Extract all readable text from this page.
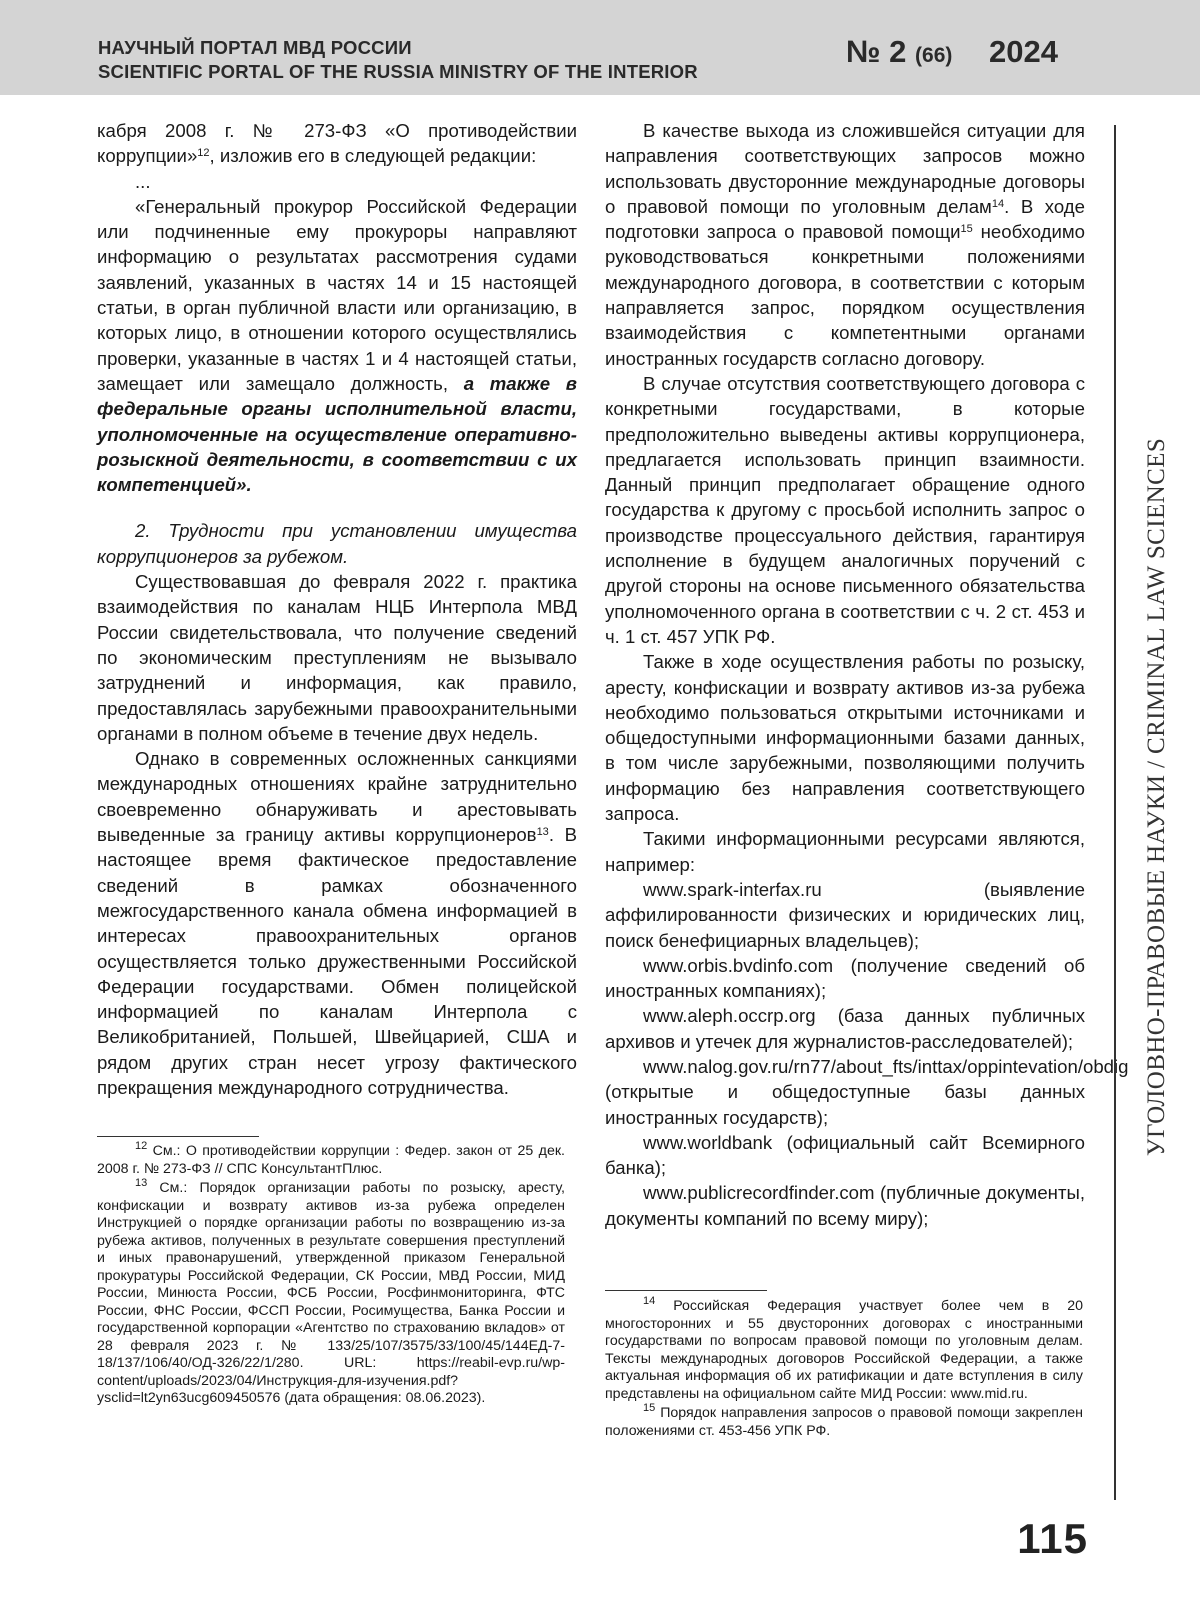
НАУЧНЫЙ ПОРТАЛ МВД РОССИИ
SCIENTIFIC PORTAL OF THE RUSSIA MINISTRY OF THE INTERIOR
№ 2 (66) 2024

кабря 2008 г. № 273-ФЗ «О противодействии коррупции»$^{12}$, изложив его в следующей редакции:

...

«Генеральный прокурор Российской Федерации или подчиненные ему прокуроры направляют информацию о результатах рассмотрения судами заявлений, указанных в частях 14 и 15 настоящей статьи, в орган публичной власти или организацию, в которых лицо, в отношении которого осуществлялись проверки, указанные в частях 1 и 4 настоящей статьи, замещает или замещало должность, а также в федеральные органы исполнительной власти, уполномоченные на осуществление оперативно-розыскной деятельности, в соответствии с их компетенцией».

2. Трудности при установлении имущества коррупционеров за рубежом.

Существовавшая до февраля 2022 г. практика взаимодействия по каналам НЦБ Интерпола МВД России свидетельствовала, что получение сведений по экономическим преступлениям не вызывало затруднений и информация, как правило, предоставлялась зарубежными правоохранительными органами в полном объеме в течение двух недель.

Однако в современных осложненных санкциями международных отношениях крайне затруднительно своевременно обнаруживать и арестовывать выведенные за границу активы коррупционеров$^{13}$. В настоящее время фактическое предоставление сведений в рамках обозначенного межгосударственного канала обмена информацией в интересах правоохранительных органов осуществляется только дружественными Российской Федерации государствами. Обмен полицейской информацией по каналам Интерпола с Великобританией, Польшей, Швейцарией, США и рядом других стран несет угрозу фактического прекращения международного сотрудничества.

$^{12}$ См.: О противодействии коррупции : Федер. закон от 25 дек. 2008 г. № 273-ФЗ // СПС КонсультантПлюс.

$^{13}$ См.: Порядок организации работы по розыску, аресту, конфискации и возврату активов из-за рубежа определен Инструкцией о порядке организации работы по возвращению из-за рубежа активов, полученных в результате совершения преступлений и иных правонарушений, утвержденной приказом Генеральной прокуратуры Российской Федерации, СК России, МВД России, МИД России, Минюста России, ФСБ России, Росфинмониторинга, ФТС России, ФНС России, ФССП России, Росимущества, Банка России и государственной корпорации «Агентство по страхованию вкладов» от 28 февраля 2023 г. № 133/25/107/3575/33/100/45/144ЕД-7-18/137/106/40/ОД-326/22/1/280. URL: https://reabil-evp.ru/wp-content/uploads/2023/04/Инструкция-для-изучения.pdf?ysclid=lt2yn63ucg609450576 (дата обращения: 08.06.2023).

В качестве выхода из сложившейся ситуации для направления соответствующих запросов можно использовать двусторонние международные договоры о правовой помощи по уголовным делам$^{14}$. В ходе подготовки запроса о правовой помощи$^{15}$ необходимо руководствоваться конкретными положениями международного договора, в соответствии с которым направляется запрос, порядком осуществления взаимодействия с компетентными органами иностранных государств согласно договору.

В случае отсутствия соответствующего договора с конкретными государствами, в которые предположительно выведены активы коррупционера, предлагается использовать принцип взаимности. Данный принцип предполагает обращение одного государства к другому с просьбой исполнить запрос о производстве процессуального действия, гарантируя исполнение в будущем аналогичных поручений с другой стороны на основе письменного обязательства уполномоченного органа в соответствии с ч. 2 ст. 453 и ч. 1 ст. 457 УПК РФ.

Также в ходе осуществления работы по розыску, аресту, конфискации и возврату активов из-за рубежа необходимо пользоваться открытыми источниками и общедоступными информационными базами данных, в том числе зарубежными, позволяющими получить информацию без направления соответствующего запроса.

Такими информационными ресурсами являются, например:

www.spark-interfax.ru (выявление аффилированности физических и юридических лиц, поиск бенефициарных владельцев);

www.orbis.bvdinfo.com (получение сведений об иностранных компаниях);

www.aleph.occrp.org (база данных публичных архивов и утечек для журналистов-расследователей);

www.nalog.gov.ru/rn77/about_fts/inttax/oppintevation/obdig (открытые и общедоступные базы данных иностранных государств);

www.worldbank (официальный сайт Всемирного банка);

www.publicrecordfinder.com (публичные документы, документы компаний по всему миру);

$^{14}$ Российская Федерация участвует более чем в 20 многосторонних и 55 двусторонних договорах с иностранными государствами по вопросам правовой помощи по уголовным делам. Тексты международных договоров Российской Федерации, а также актуальная информация об их ратификации и дате вступления в силу представлены на официальном сайте МИД России: www.mid.ru.

$^{15}$ Порядок направления запросов о правовой помощи закреплен положениями ст. 453-456 УПК РФ.

УГОЛОВНО-ПРАВОВЫЕ НАУКИ / CRIMINAL LAW SCIENCES
115
